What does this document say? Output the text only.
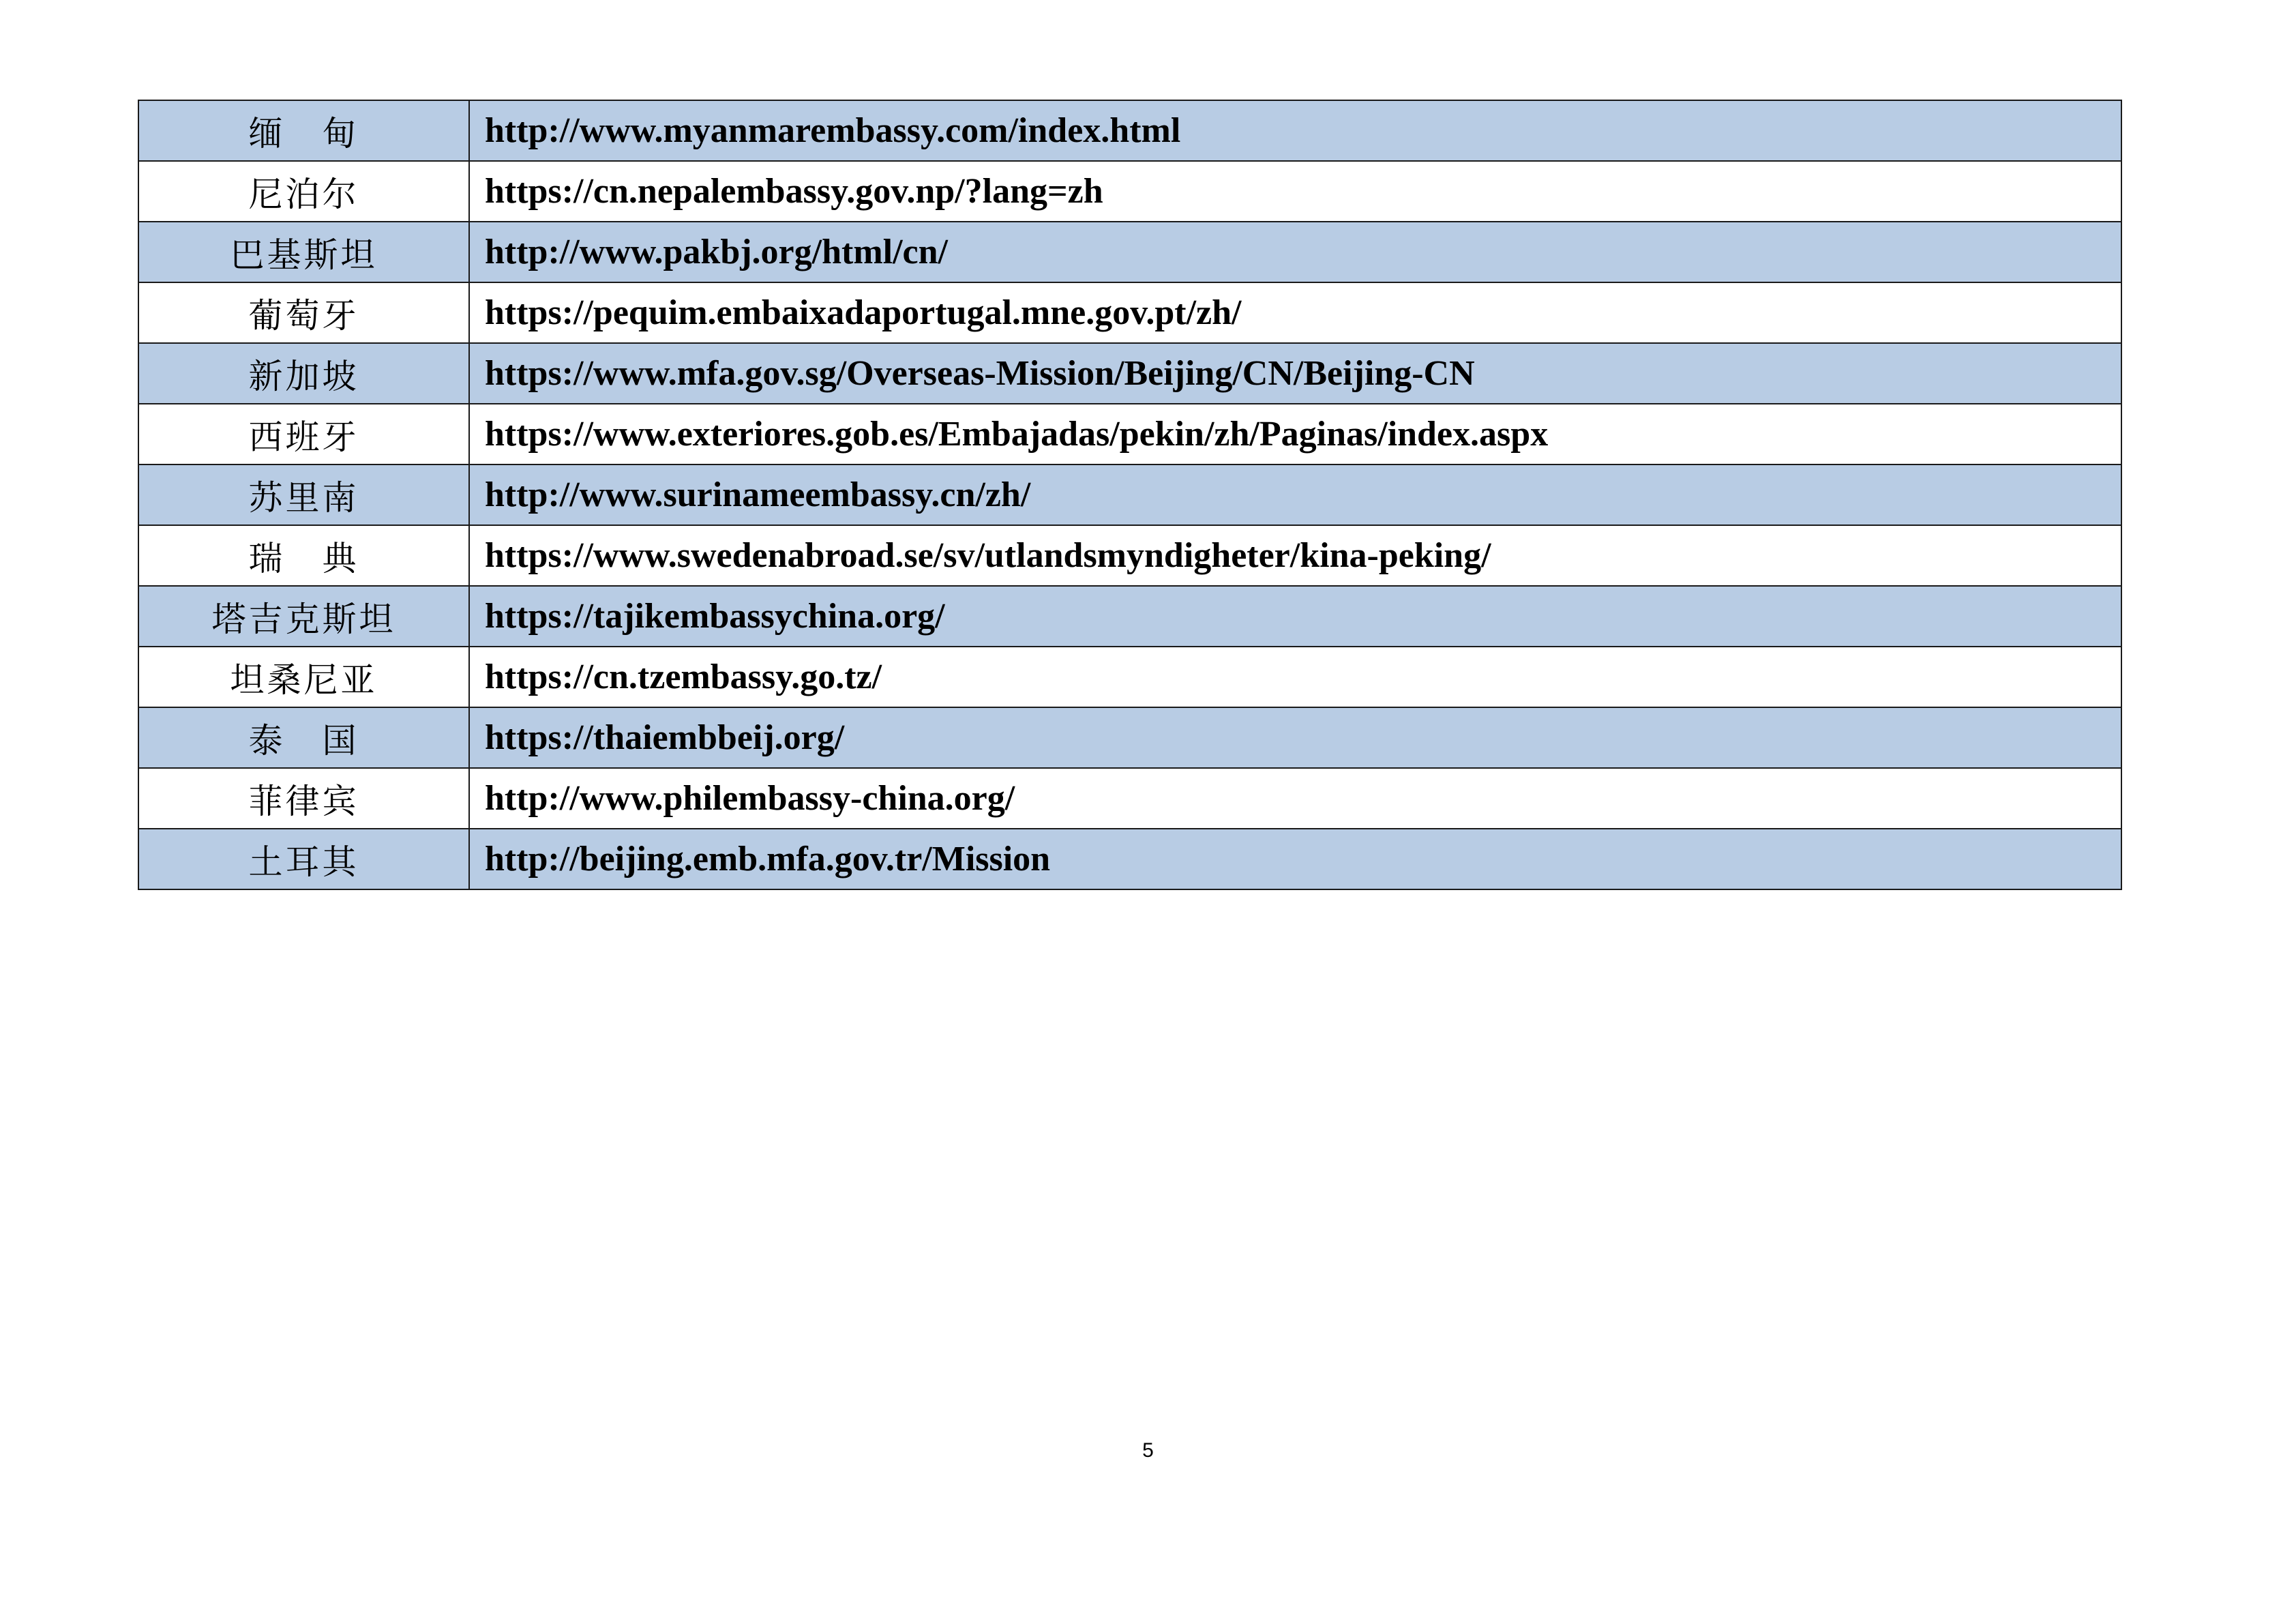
缅　甸	http://www.myanmarembassy.com/index.html
尼泊尔	https://cn.nepalembassy.gov.np/?lang=zh
巴基斯坦	http://www.pakbj.org/html/cn/
葡萄牙	https://pequim.embaixadaportugal.mne.gov.pt/zh/
新加坡	https://www.mfa.gov.sg/Overseas-Mission/Beijing/CN/Beijing-CN
西班牙	https://www.exteriores.gob.es/Embajadas/pekin/zh/Paginas/index.aspx
苏里南	http://www.surinameembassy.cn/zh/
瑞　典	https://www.swedenabroad.se/sv/utlandsmyndigheter/kina-peking/
塔吉克斯坦	https://tajikembassychina.org/
坦桑尼亚	https://cn.tzembassy.go.tz/
泰　国	https://thaiembbeij.org/
菲律宾	http://www.philembassy-china.org/
土耳其	http://beijing.emb.mfa.gov.tr/Mission
5
